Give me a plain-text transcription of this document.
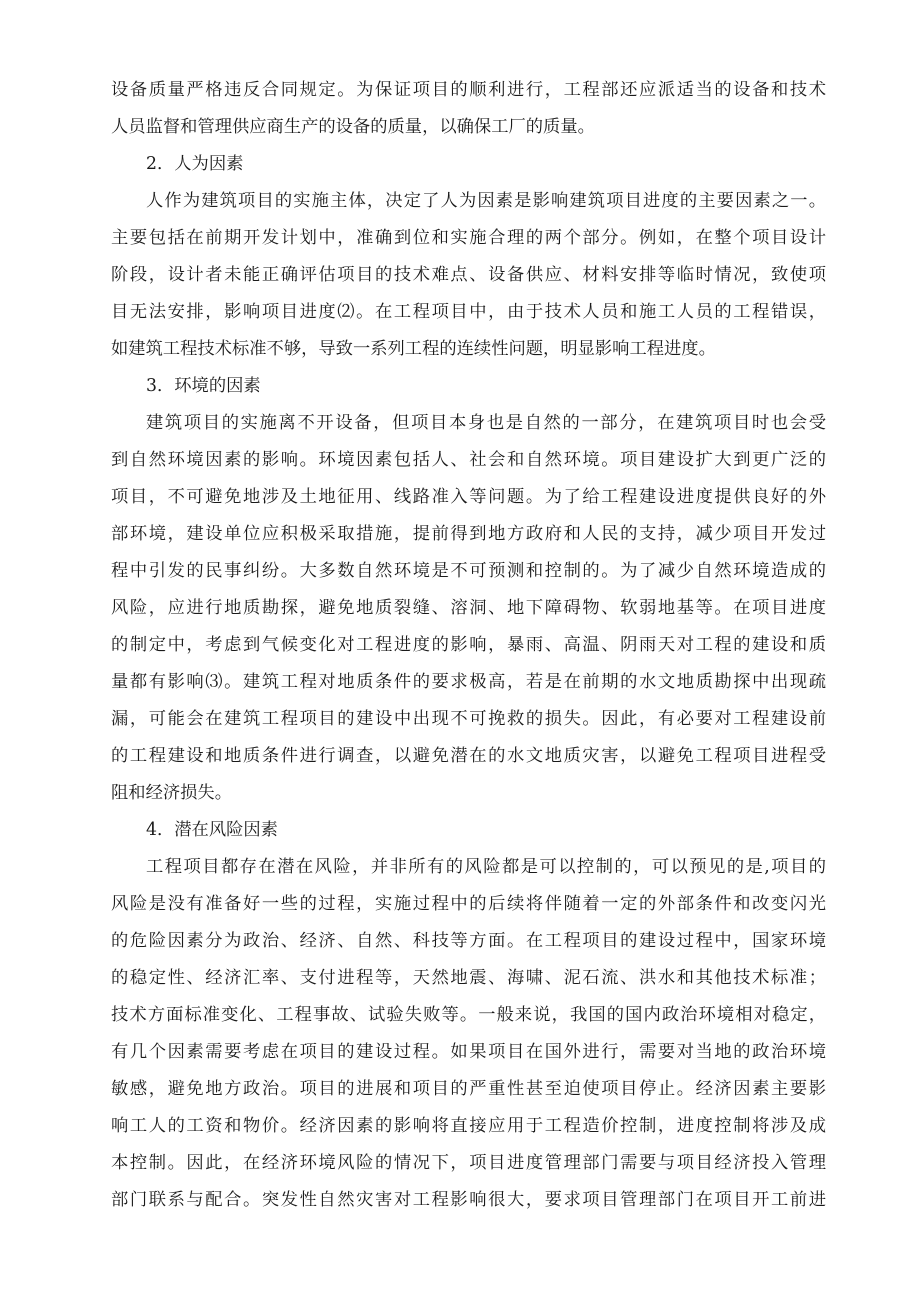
设备质量严格违反合同规定。为保证项目的顺利进行，工程部还应派适当的设备和技术
人员监督和管理供应商生产的设备的质量，以确保工厂的质量。
2．人为因素
人作为建筑项目的实施主体，决定了人为因素是影响建筑项目进度的主要因素之一。
主要包括在前期开发计划中，准确到位和实施合理的两个部分。例如，在整个项目设计
阶段，设计者未能正确评估项目的技术难点、设备供应、材料安排等临时情况，致使项
目无法安排，影响项目进度⑵。在工程项目中，由于技术人员和施工人员的工程错误，
如建筑工程技术标准不够，导致一系列工程的连续性问题，明显影响工程进度。
3．环境的因素
建筑项目的实施离不开设备，但项目本身也是自然的一部分，在建筑项目时也会受
到自然环境因素的影响。环境因素包括人、社会和自然环境。项目建设扩大到更广泛的
项目，不可避免地涉及土地征用、线路准入等问题。为了给工程建设进度提供良好的外
部环境，建设单位应积极采取措施，提前得到地方政府和人民的支持，减少项目开发过
程中引发的民事纠纷。大多数自然环境是不可预测和控制的。为了减少自然环境造成的
风险，应进行地质勘探，避免地质裂缝、溶洞、地下障碍物、软弱地基等。在项目进度
的制定中，考虑到气候变化对工程进度的影响，暴雨、高温、阴雨天对工程的建设和质
量都有影响⑶。建筑工程对地质条件的要求极高，若是在前期的水文地质勘探中出现疏
漏，可能会在建筑工程项目的建设中出现不可挽救的损失。因此，有必要对工程建设前
的工程建设和地质条件进行调查，以避免潜在的水文地质灾害，以避免工程项目进程受
阻和经济损失。
4．潜在风险因素
工程项目都存在潜在风险，并非所有的风险都是可以控制的，可以预见的是,项目的
风险是没有准备好一些的过程，实施过程中的后续将伴随着一定的外部条件和改变闪光
的危险因素分为政治、经济、自然、科技等方面。在工程项目的建设过程中，国家环境
的稳定性、经济汇率、支付进程等，天然地震、海啸、泥石流、洪水和其他技术标准；
技术方面标准变化、工程事故、试验失败等。一般来说，我国的国内政治环境相对稳定，
有几个因素需要考虑在项目的建设过程。如果项目在国外进行，需要对当地的政治环境
敏感，避免地方政治。项目的进展和项目的严重性甚至迫使项目停止。经济因素主要影
响工人的工资和物价。经济因素的影响将直接应用于工程造价控制，进度控制将涉及成
本控制。因此，在经济环境风险的情况下，项目进度管理部门需要与项目经济投入管理
部门联系与配合。突发性自然灾害对工程影响很大，要求项目管理部门在项目开工前进
